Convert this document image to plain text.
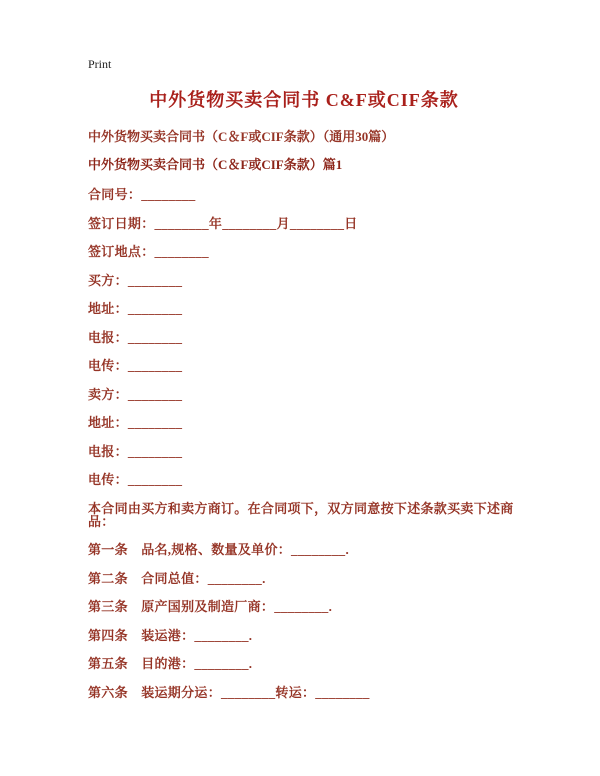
Print
中外货物买卖合同书 C&F或CIF条款

中外货物买卖合同书（C＆F或CIF条款）（通用30篇）

中外货物买卖合同书（C＆F或CIF条款）篇1

合同号：________

签订日期：________年________月________日

签订地点：________

买方：________

地址：________

电报：________

电传：________

卖方：________

地址：________

电报：________

电传：________

本合同由买方和卖方商订。在合同项下，双方同意按下述条款买卖下述商品：

第一条　品名,规格、数量及单价：________.

第二条　合同总值：________.

第三条　原产国别及制造厂商：________.

第四条　装运港：________.

第五条　目的港：________.

第六条　装运期分运：________转运：________
